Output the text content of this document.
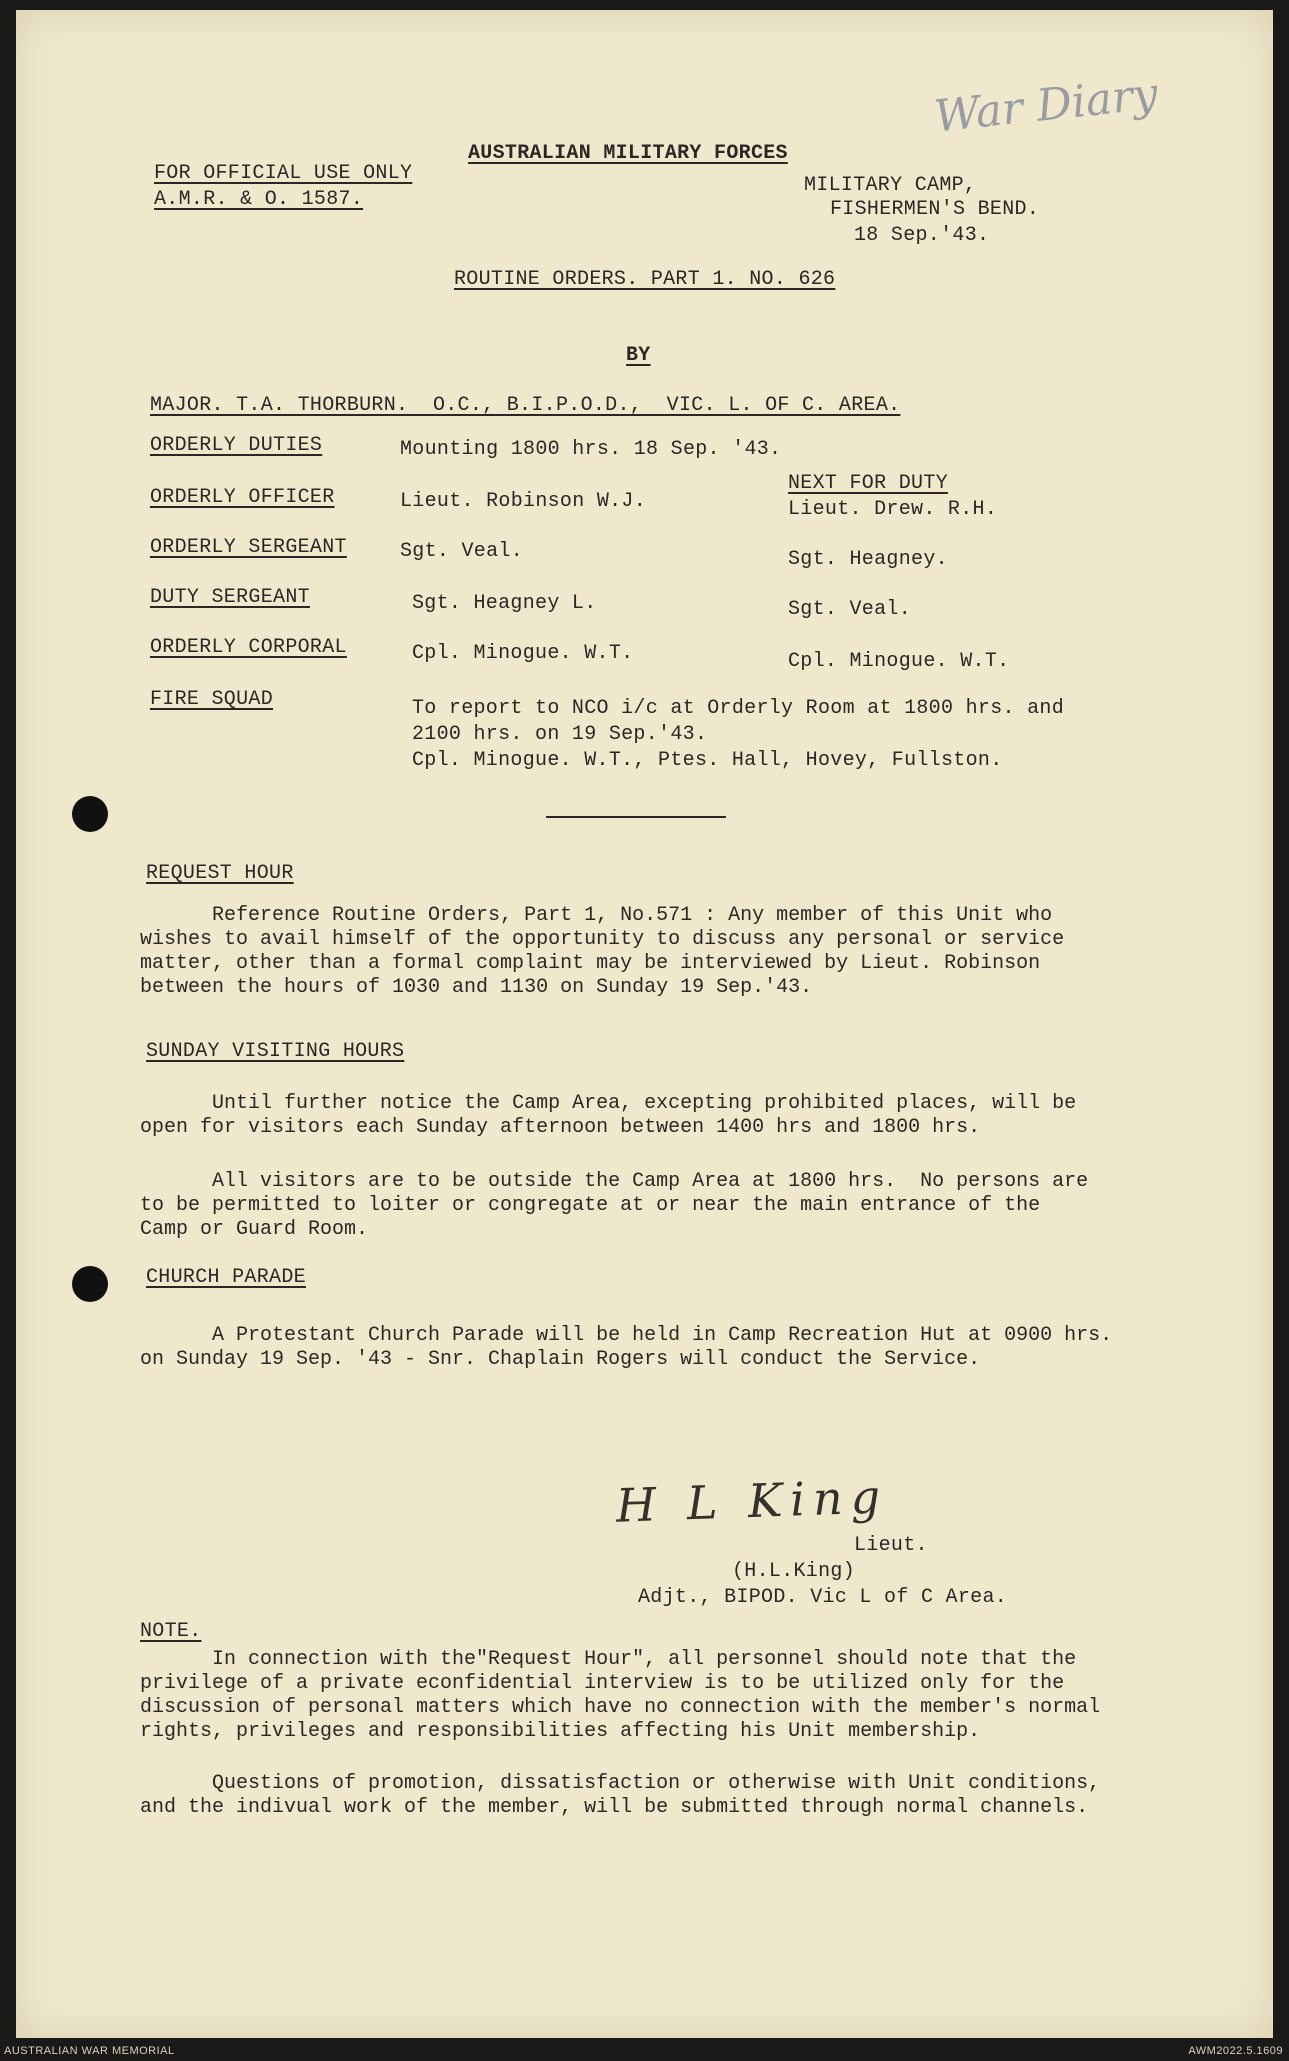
War Diary
AUSTRALIAN MILITARY FORCES
FOR OFFICIAL USE ONLY
A.M.R. & O. 1587.
MILITARY CAMP,
FISHERMEN'S BEND.
18 Sep.'43.
ROUTINE ORDERS. PART 1. NO. 626
BY
MAJOR. T.A. THORBURN.  O.C., B.I.P.O.D.,  VIC. L. OF C. AREA.
ORDERLY DUTIES	Mounting 1800 hrs. 18 Sep. '43.
NEXT FOR DUTY
ORDERLY OFFICER	Lieut. Robinson W.J.	Lieut. Drew. R.H.
ORDERLY SERGEANT	Sgt. Veal.	Sgt. Heagney.
DUTY SERGEANT	Sgt. Heagney L.	Sgt. Veal.
ORDERLY CORPORAL	Cpl. Minogue. W.T.	Cpl. Minogue. W.T.
FIRE SQUAD	To report to NCO i/c at Orderly Room at 1800 hrs. and
2100 hrs. on 19 Sep.'43.
Cpl. Minogue. W.T., Ptes. Hall, Hovey, Fullston.
REQUEST HOUR
Reference Routine Orders, Part 1, No.571 : Any member of this Unit who
wishes to avail himself of the opportunity to discuss any personal or service
matter, other than a formal complaint may be interviewed by Lieut. Robinson
between the hours of 1030 and 1130 on Sunday 19 Sep.'43.
SUNDAY VISITING HOURS
Until further notice the Camp Area, excepting prohibited places, will be
open for visitors each Sunday afternoon between 1400 hrs and 1800 hrs.
All visitors are to be outside the Camp Area at 1800 hrs.  No persons are
to be permitted to loiter or congregate at or near the main entrance of the
Camp or Guard Room.
CHURCH PARADE
A Protestant Church Parade will be held in Camp Recreation Hut at 0900 hrs.
on Sunday 19 Sep. '43 - Snr. Chaplain Rogers will conduct the Service.
H L King
Lieut.
(H.L.King)
Adjt., BIPOD. Vic L of C Area.
NOTE.
In connection with the"Request Hour", all personnel should note that the
privilege of a private econfidential interview is to be utilized only for the
discussion of personal matters which have no connection with the member's normal
rights, privileges and responsibilities affecting his Unit membership.
Questions of promotion, dissatisfaction or otherwise with Unit conditions,
and the indivual work of the member, will be submitted through normal channels.
AUSTRALIAN WAR MEMORIAL	AWM2022.5.1609
